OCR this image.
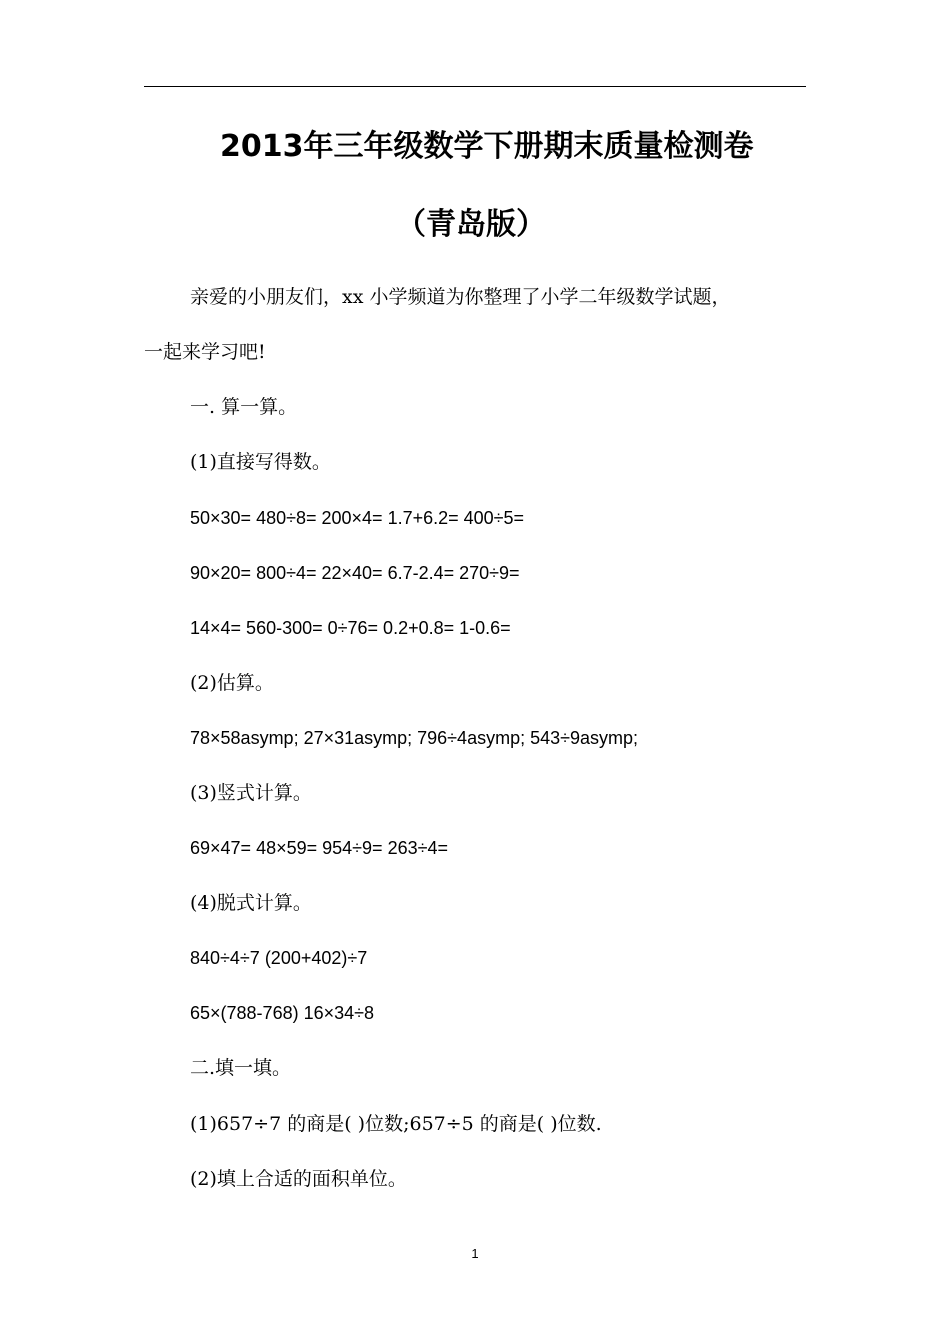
2013年三年级数学下册期末质量检测卷
（青岛版）
亲爱的小朋友们，xx 小学频道为你整理了小学二年级数学试题，
一起来学习吧!
一. 算一算。
(1)直接写得数。
50×30= 480÷8= 200×4= 1.7+6.2= 400÷5=
90×20= 800÷4= 22×40= 6.7-2.4= 270÷9=
14×4= 560-300= 0÷76= 0.2+0.8= 1-0.6=
(2)估算。
78×58asymp; 27×31asymp; 796÷4asymp; 543÷9asymp;
(3)竖式计算。
69×47= 48×59= 954÷9= 263÷4=
(4)脱式计算。
840÷4÷7 (200+402)÷7
65×(788-768) 16×34÷8
二.填一填。
(1)657÷7 的商是( )位数;657÷5 的商是( )位数.
(2)填上合适的面积单位。
1
